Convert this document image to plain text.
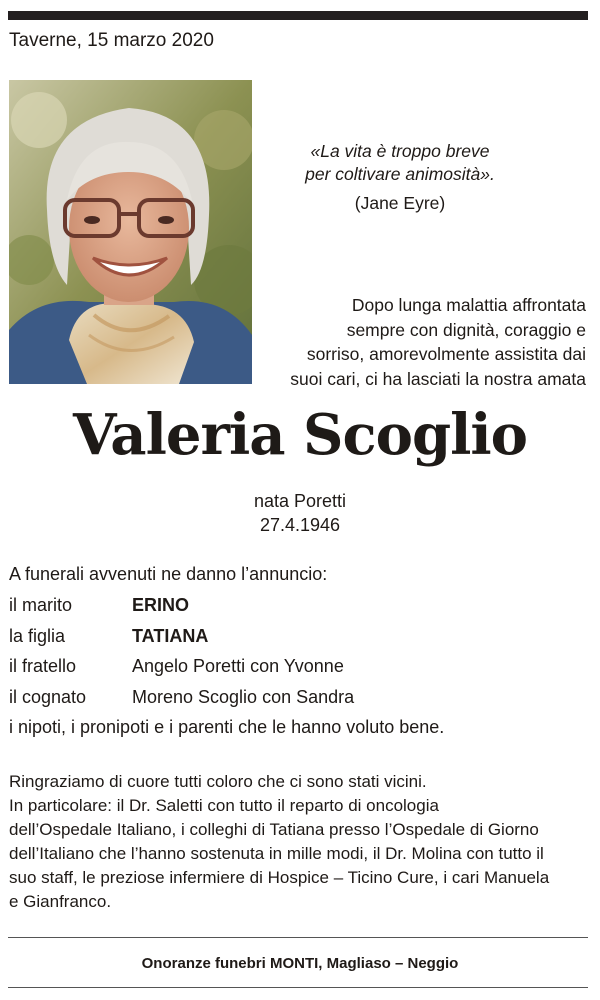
Taverne, 15 marzo 2020
«La vita è troppo breve
per coltivare animosità».
(Jane Eyre)
Dopo lunga malattia affrontata
sempre con dignità, coraggio e
sorriso, amorevolmente assistita dai
suoi cari, ci ha lasciati la nostra amata
Valeria Scoglio
nata Poretti
27.4.1946
A funerali avvenuti ne danno l’annuncio:
il marito	ERINO
la figlia	TATIANA
il fratello	Angelo Poretti con Yvonne
il cognato	Moreno Scoglio con Sandra
i nipoti, i pronipoti e i parenti che le hanno voluto bene.
Ringraziamo di cuore tutti coloro che ci sono stati vicini.
In particolare: il Dr. Saletti con tutto il reparto di oncologia
dell’Ospedale Italiano, i colleghi di Tatiana presso l’Ospedale di Giorno
dell’Italiano che l’hanno sostenuta in mille modi, il Dr. Molina con tutto il
suo staff, le preziose infermiere di Hospice – Ticino Cure, i cari Manuela
e Gianfranco.
Onoranze funebri MONTI, Magliaso – Neggio
